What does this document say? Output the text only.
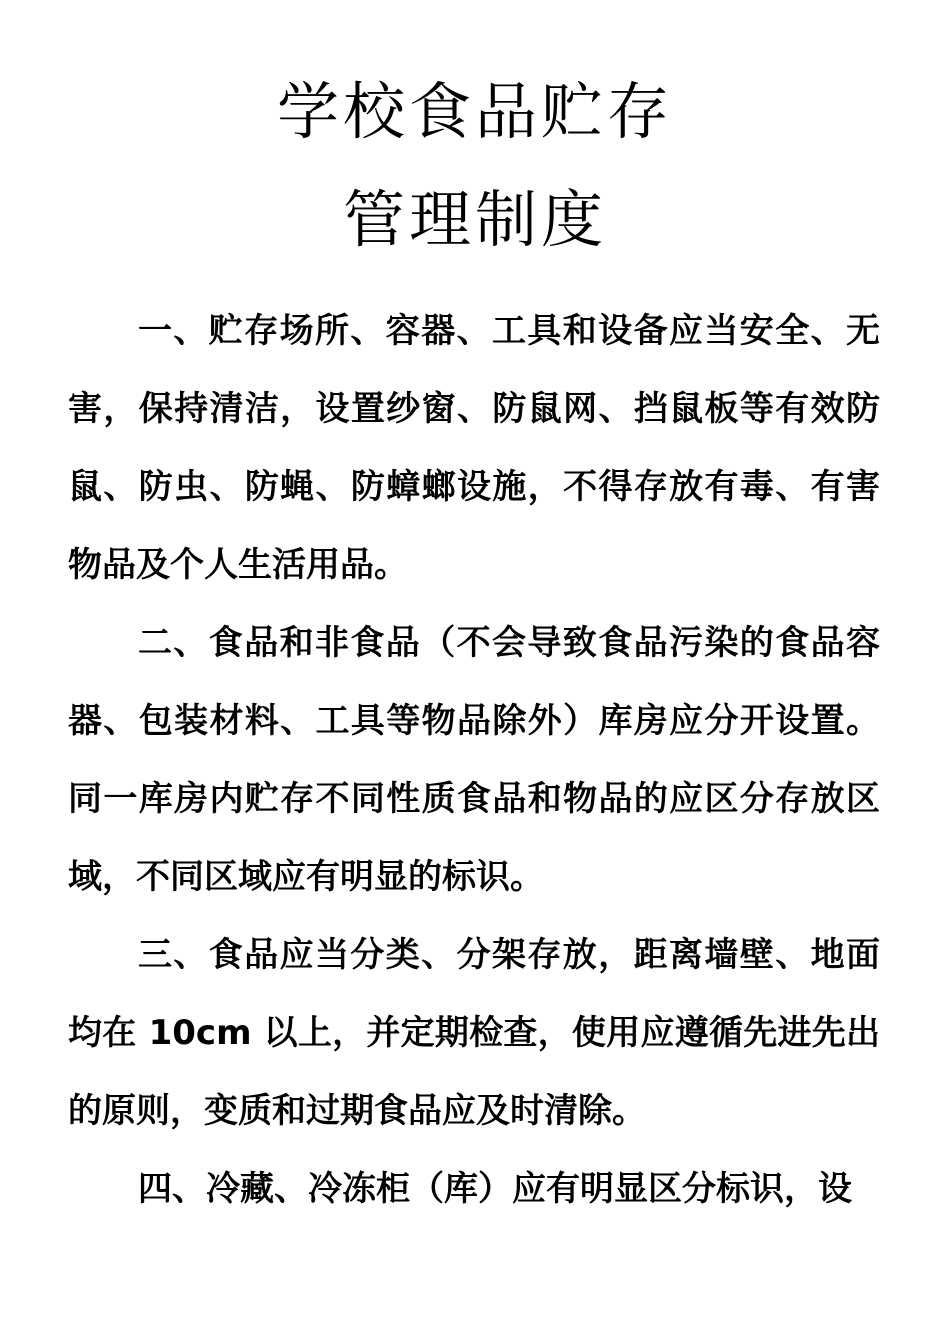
学校食品贮存
管理制度

一、贮存场所、容器、工具和设备应当安全、无害，保持清洁，设置纱窗、防鼠网、挡鼠板等有效防鼠、防虫、防蝇、防蟑螂设施，不得存放有毒、有害物品及个人生活用品。

二、食品和非食品（不会导致食品污染的食品容器、包装材料、工具等物品除外）库房应分开设置。同一库房内贮存不同性质食品和物品的应区分存放区域，不同区域应有明显的标识。

三、食品应当分类、分架存放，距离墙壁、地面均在 10cm 以上，并定期检查，使用应遵循先进先出的原则，变质和过期食品应及时清除。

四、冷藏、冷冻柜（库）应有明显区分标识，设
